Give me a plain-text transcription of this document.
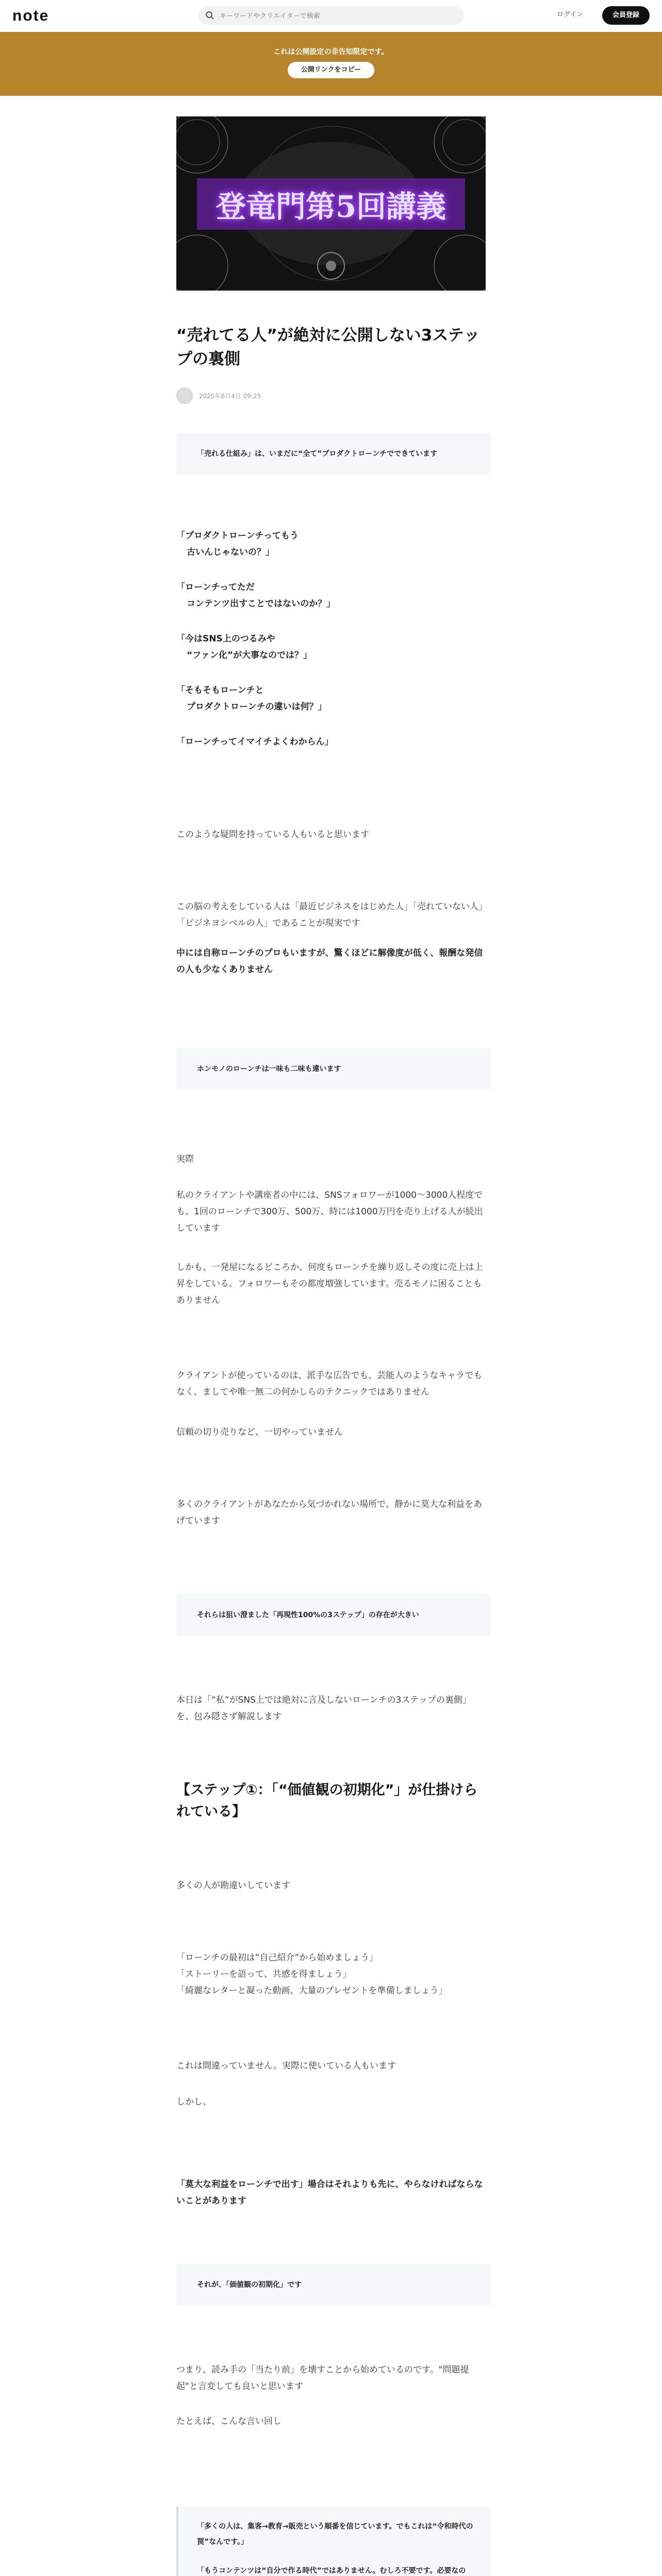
note
キーワードやクリエイターで検索	ログイン	会員登録
これは公開設定の非告知限定です。
公開リンクをコピー
登竜門第5回講義
“売れてる人”が絶対に公開しない3ステップの裏側
2025年8月4日 09:25
「売れる仕組み」は、いまだに“全て”プロダクトローンチでできています

「プロダクトローンチってもう

古いんじゃないの？」

「ローンチってただ

コンテンツ出すことではないのか？」

「今はSNS上のつるみや

“ファン化”が大事なのでは？」

「そもそもローンチと

プロダクトローンチの違いは何？」

「ローンチってイマイチよくわからん」

このような疑問を持っている人もいると思います

この脳の考えをしている人は「最近ビジネスをはじめた人」「売れていない人」「ビジネヨシベルの人」であることが現実です

中には自称ローンチのプロもいますが、驚くほどに解像度が低く、報酬な発信の人も少なくありません

ホンモノのローンチは一味も二味も違います

実際

私のクライアントや講座者の中には、SNSフォロワーが1000〜3000人程度でも、1回のローンチで300万、500万、時には1000万円を売り上げる人が続出しています

しかも、一発屋になるどころか、何度もローンチを繰り返しその度に売上は上昇をしている。フォロワーもその都度増強しています。売るモノに困ることもありません

クライアントが使っているのは、派手な広告でも、芸能人のようなキャラでもなく、ましてや唯一無二の何かしらのテクニックではありません

信頼の切り売りなど、一切やっていません

多くのクライアントがあなたから気づかれない場所で、静かに莫大な利益をあげています

それらは狙い澄ました「再現性100%の3ステップ」の存在が大きい

本日は「“私”がSNS上では絶対に言及しないローンチの3ステップの裏側」を、包み隠さず解説します

【ステップ①：「“価値観の初期化”」が仕掛けられている】

多くの人が勘違いしています

「ローンチの最初は“自己紹介”から始めましょう」

「ストーリーを語って、共感を得ましょう」

「綺麗なレターと凝った動画、大量のプレゼントを準備しましょう」

これは間違っていません。実際に使いている人もいます

しかし、

「莫大な利益をローンチで出す」場合はそれよりも先に、やらなければならないことがあります

それが、「価値観の初期化」です

つまり、読み手の「当たり前」を壊すことから始めているのです。"問題提起"と言変しても良いと思います

たとえば、こんな言い回し

「多くの人は、集客→教育→販売という順番を信じています。でもこれは“令和時代の罠”なんです。」

「もうコンテンツは“自分で作る時代”ではありません。むしろ不要です。必要なの
